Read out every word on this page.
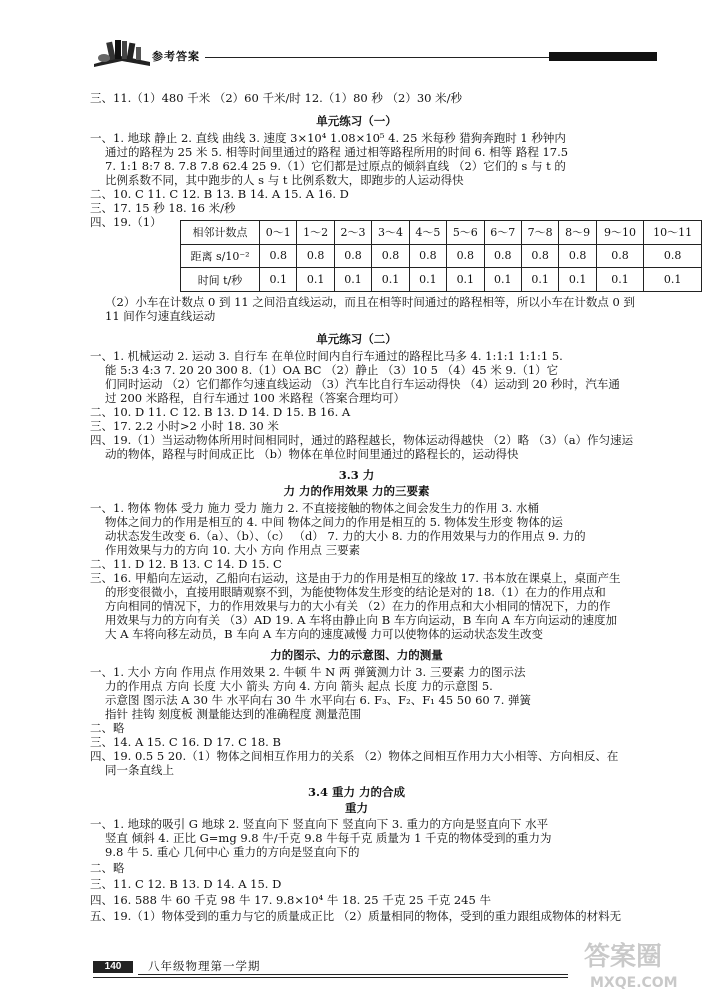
参考答案
三、11.（1）480 千米 （2）60 千米/时 12.（1）80 秒 （2）30 米/秒
单元练习（一）
一、1. 地球 静止 2. 直线 曲线 3. 速度 3×10⁴ 1.08×10⁵ 4. 25 米每秒 猎狗奔跑时 1 秒钟内
通过的路程为 25 米 5. 相等时间里通过的路程 通过相等路程所用的时间 6. 相等 路程 17.5
7. 1:1 8:7 8. 7.8 7.8 62.4 25 9.（1）它们都是过原点的倾斜直线 （2）它们的 s 与 t 的
比例系数不同，其中跑步的人 s 与 t 比例系数大，即跑步的人运动得快
二、10. C 11. C 12. B 13. B 14. A 15. A 16. D
三、17. 15 秒 18. 16 米/秒
四、19.（1）
相邻计数点	0～1	1～2	2～3	3～4	4～5	5～6	6～7	7～8	8～9	9～10	10～11
距离 s/10⁻²	0.8	0.8	0.8	0.8	0.8	0.8	0.8	0.8	0.8	0.8	0.8
时间 t/秒	0.1	0.1	0.1	0.1	0.1	0.1	0.1	0.1	0.1	0.1	0.1
（2）小车在计数点 0 到 11 之间沿直线运动，而且在相等时间通过的路程相等，所以小车在计数点 0 到
11 间作匀速直线运动
单元练习（二）
一、1. 机械运动 2. 运动 3. 自行车 在单位时间内自行车通过的路程比马多 4. 1:1:1 1:1:1 5.
能 5:3 4:3 7. 20 20 300 8.（1）OA BC （2）静止 （3）10 5 （4）45 米 9.（1）它
们同时运动 （2）它们都作匀速直线运动 （3）汽车比自行车运动得快 （4）运动到 20 秒时，汽车通
过 200 米路程，自行车通过 100 米路程（答案合理均可）
二、10. D 11. C 12. B 13. D 14. D 15. B 16. A
三、17. 2.2 小时>2 小时 18. 30 米
四、19.（1）当运动物体所用时间相同时，通过的路程越长，物体运动得越快 （2）略 （3）（a）作匀速运
动的物体，路程与时间成正比 （b）物体在单位时间里通过的路程长的，运动得快
3.3 力
力 力的作用效果 力的三要素
一、1. 物体 物体 受力 施力 受力 施力 2. 不直接接触的物体之间会发生力的作用 3. 水桶
物体之间力的作用是相互的 4. 中间 物体之间力的作用是相互的 5. 物体发生形变 物体的运
动状态发生改变 6.（a）、（b）、（c） （d） 7. 力的大小 8. 力的作用效果与力的作用点 9. 力的
作用效果与力的方向 10. 大小 方向 作用点 三要素
二、11. D 12. B 13. C 14. D 15. C
三、16. 甲船向左运动，乙船向右运动，这是由于力的作用是相互的缘故 17. 书本放在课桌上，桌面产生
的形变很微小，直接用眼睛观察不到，为能使物体发生形变的结论是对的 18.（1）在力的作用点和
方向相同的情况下，力的作用效果与力的大小有关 （2）在力的作用点和大小相同的情况下，力的作
用效果与力的方向有关 （3）AD 19. A 车将由静止向 B 车方向运动，B 车向 A 车方向运动的速度加
大 A 车将向移左动员，B 车向 A 车方向的速度减慢 力可以使物体的运动状态发生改变
力的图示、力的示意图、力的测量
一、1. 大小 方向 作用点 作用效果 2. 牛顿 牛 N 两 弹簧测力计 3. 三要素 力的图示法
力的作用点 方向 长度 大小 箭头 方向 4. 方向 箭头 起点 长度 力的示意图 5.
示意图 图示法 A 30 牛 水平向右 30 牛 水平向右 6. F₃、F₂、F₁ 45 50 60 7. 弹簧
指针 挂钩 刻度板 测量能达到的准确程度 测量范围
二、略
三、14. A 15. C 16. D 17. C 18. B
四、19. 0.5 5 20.（1）物体之间相互作用力的关系 （2）物体之间相互作用力大小相等、方向相反、在
同一条直线上
3.4 重力 力的合成
重力
一、1. 地球的吸引 G 地球 2. 竖直向下 竖直向下 竖直向下 3. 重力的方向是竖直向下 水平
竖直 倾斜 4. 正比 G=mg 9.8 牛/千克 9.8 牛每千克 质量为 1 千克的物体受到的重力为
9.8 牛 5. 重心 几何中心 重力的方向是竖直向下的
二、略
三、11. C 12. B 13. D 14. A 15. D
四、16. 588 牛 60 千克 98 牛 17. 9.8×10⁴ 牛 18. 25 千克 25 千克 245 牛
五、19.（1）物体受到的重力与它的质量成正比 （2）质量相同的物体，受到的重力跟组成物体的材料无
140	八年级物理第一学期	答案圈
MXQE.COM
